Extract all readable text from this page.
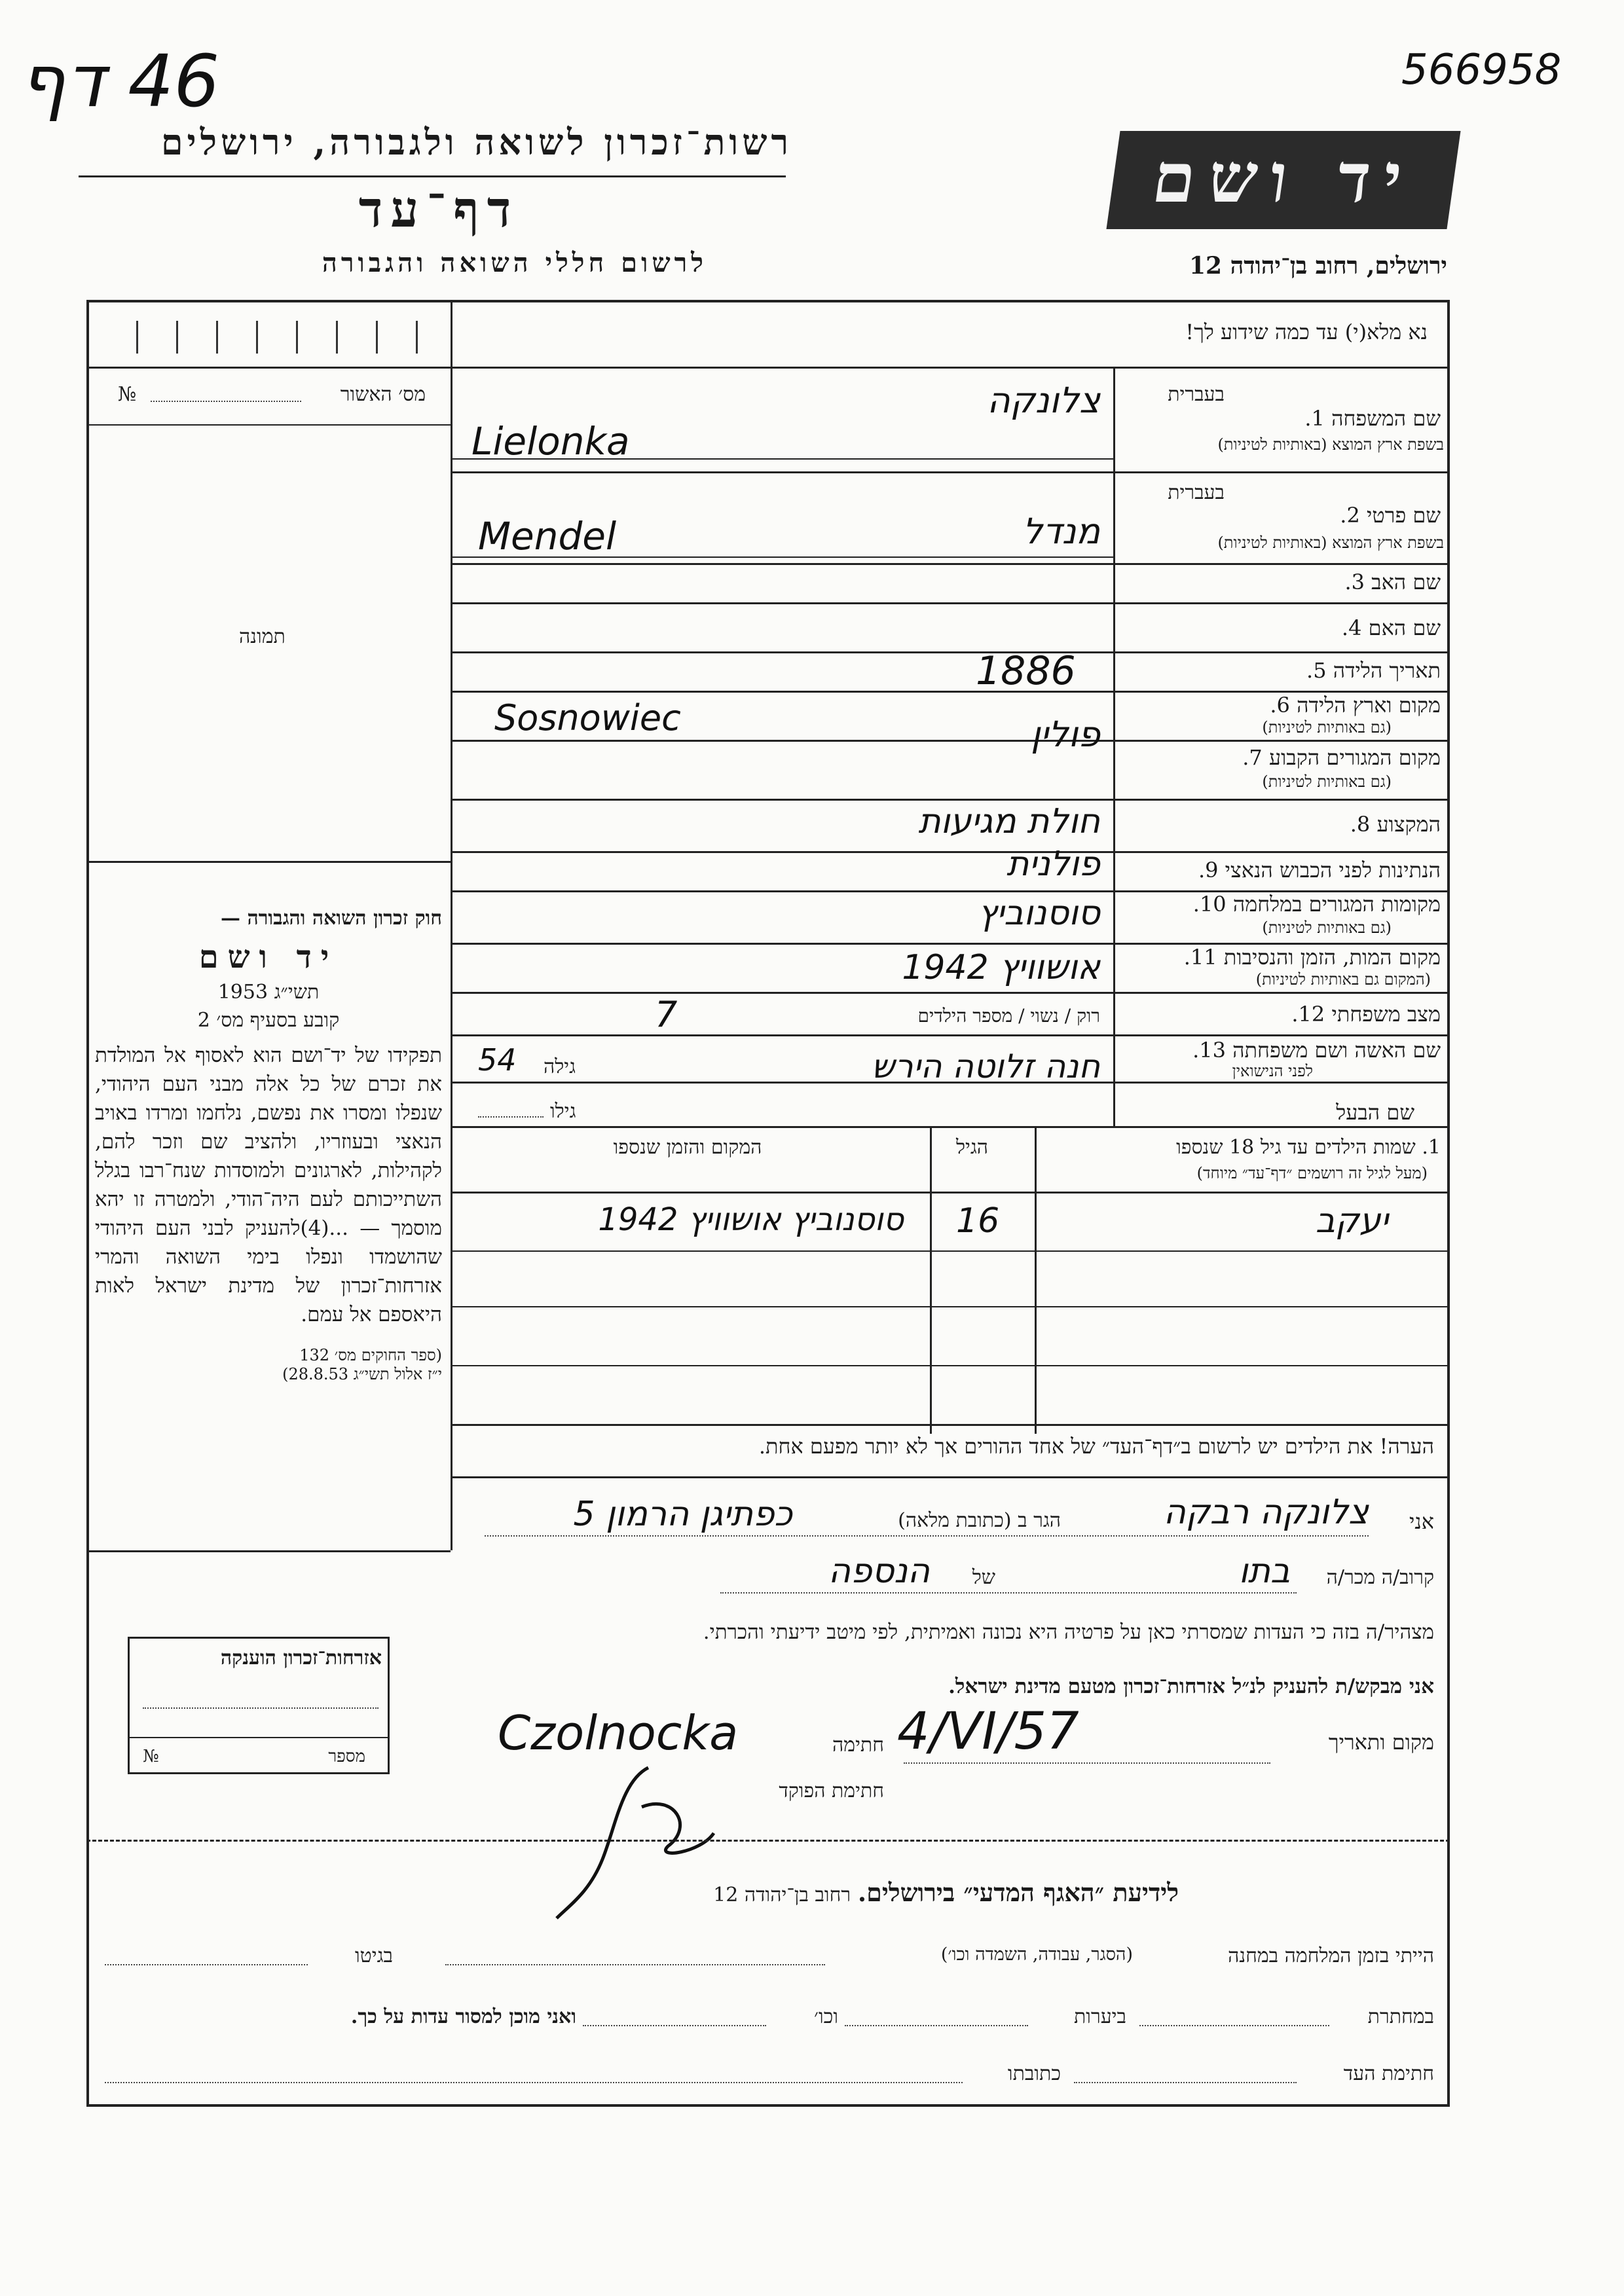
46 דף	566958
רשות־זכרון לשואה ולגבורה, ירושלים
דף־עד
לרשום חללי השואה והגבורה
יד ושם
ירושלים, רחוב בן־יהודה 12
נא מלא(י) עד כמה שידוע לך!
מס׳ האשור
№
תמונה
חוק זכרון השואה והגבורה —
יד ושם
תשי״ג 1953
קובע בסעיף מס׳ 2
תפקידו של יד־ושם הוא לאסוף אל המולדת את זכרם של כל אלה מבני העם היהודי, שנפלו ומסרו את נפשם, נלחמו ומרדו באויב הנאצי ובעוזריו, ולהציב שם וזכר להם, לקהילות, לארגונים ולמוסדות שנח־רבו בגלל השתייכותם לעם היה־הודי, ולמטרה זו יהא מוסמך — ...(4)להעניק לבני העם היהודי שהושמדו ונפלו בימי השואה והמרי אזרחות־זכרון של מדינת ישראל לאות היאספם אל עמם.
(ספר החוקים מס׳ 132
י״ז אלול תשי״ג 28.8.53)
בעברית
שם המשפחה 1.
בשפת ארץ המוצא (באותיות לטיניות)
צלונקה
Lielonka
בעברית
שם פרטי 2.
בשפת ארץ המוצא (באותיות לטיניות)
מנדל
Mendel
שם האב 3.
שם האם 4.
תאריך הלידה 5.
1886
מקום וארץ הלידה 6.
(גם באותיות לטיניות)
פולין
Sosnowiec
מקום המגורים הקבוע 7.
(גם באותיות לטיניות)
המקצוע 8.
חולת מגיעות
הנתינות לפני הכבוש הנאצי 9.
פולנית
מקומות המגורים במלחמה 10.
(גם באותיות לטיניות)
סוסנוביץ
מקום המות, הזמן והנסיבות 11.
(המקום גם באותיות לטיניות)
אושוויץ 1942
מצב משפחתי 12.
רוק / נשוי / מספר הילדים
7
שם האשה ושם משפחתה 13.
לפני הנישואין
חנה זלוטה הירש
גילה
54
שם הבעל
גילו
1. שמות הילדים עד גיל 18 שנספו
(מעל לגיל זה רושמים ״דף־עד״ מיוחד)
הגיל
המקום והזמן שנספו
יעקב
16
סוסנוביץ אושוויץ 1942
הערה! את הילדים יש לרשום ב״דף־העד״ של אחד ההורים אך לא יותר מפעם אחת.
אני
צלונקה רבקה
הגר ב (כתובת מלאה)
כפתיגן הרמון 5
קרוב/ה מכר/ה
בתו
של
הנספה
מצהיר/ה בזה כי העדות שמסרתי כאן על פרטיה היא נכונה ואמיתית, לפי מיטב ידיעתי והכרתי.
אני מבקש/ת להעניק לנ״ל אזרחות־זכרון מטעם מדינת ישראל.
מקום ותאריך
4/VI/57
חתימה
Czolnocka
חתימת הפוקד
אזרחות־זכרון הוענקה
מספר
№
לידיעת ״האגף המדעי״ בירושלים. רחוב בן־יהודה 12
הייתי בזמן המלחמה במחנה
(הסגר, עבודה, השמדה וכו׳)
בגיטו
במחתרת
ביערות
וכו׳
ואני מוכן למסור עדות על כך.
חתימת העד
כתובתו
